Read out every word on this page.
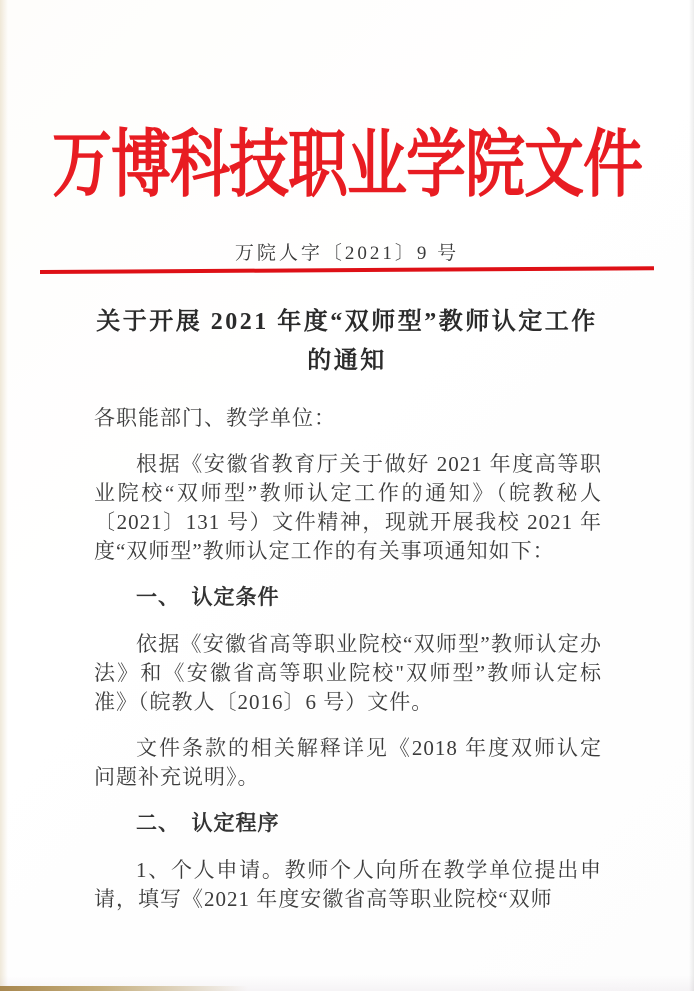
万博科技职业学院文件
万院人字〔2021〕9 号
关于开展 2021 年度“双师型”教师认定工作
的通知

各职能部门、教学单位：

根据《安徽省教育厅关于做好 2021 年度高等职业院校“双师型”教师认定工作的通知》（皖教秘人〔2021〕131 号）文件精神，现就开展我校 2021 年度“双师型”教师认定工作的有关事项通知如下：

一、　认定条件

依据《安徽省高等职业院校“双师型”教师认定办法》和《安徽省高等职业院校"双师型”教师认定标准》（皖教人〔2016〕6 号）文件。

文件条款的相关解释详见《2018 年度双师认定问题补充说明》。

二、　认定程序

1、个人申请。教师个人向所在教学单位提出申请，填写《2021 年度安徽省高等职业院校“双师
